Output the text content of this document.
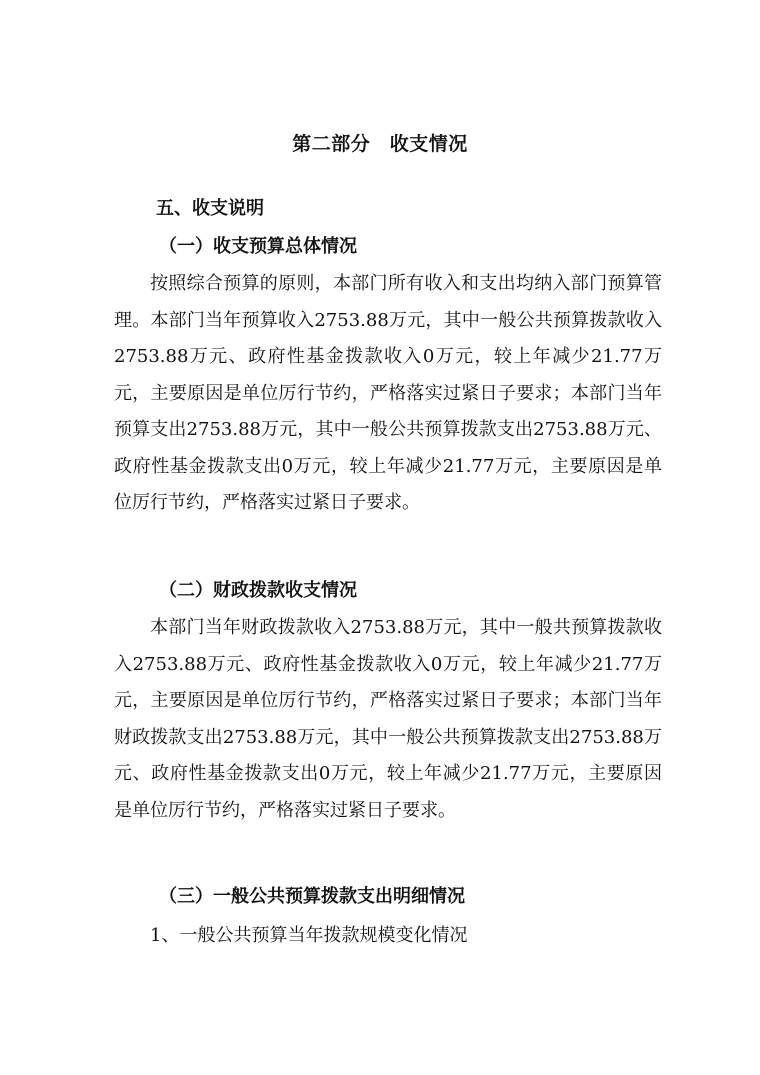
第二部分　收支情况
五、收支说明
（一）收支预算总体情况

按照综合预算的原则，本部门所有收入和支出均纳入部门预算管理。本部门当年预算收入2753.88万元，其中一般公共预算拨款收入2753.88万元、政府性基金拨款收入0万元，较上年减少21.77万元，主要原因是单位厉行节约，严格落实过紧日子要求；本部门当年预算支出2753.88万元，其中一般公共预算拨款支出2753.88万元、政府性基金拨款支出0万元，较上年减少21.77万元，主要原因是单位厉行节约，严格落实过紧日子要求。

（二）财政拨款收支情况

本部门当年财政拨款收入2753.88万元，其中一般共预算拨款收入2753.88万元、政府性基金拨款收入0万元，较上年减少21.77万元，主要原因是单位厉行节约，严格落实过紧日子要求；本部门当年财政拨款支出2753.88万元，其中一般公共预算拨款支出2753.88万元、政府性基金拨款支出0万元，较上年减少21.77万元，主要原因是单位厉行节约，严格落实过紧日子要求。

（三）一般公共预算拨款支出明细情况
1、一般公共预算当年拨款规模变化情况
